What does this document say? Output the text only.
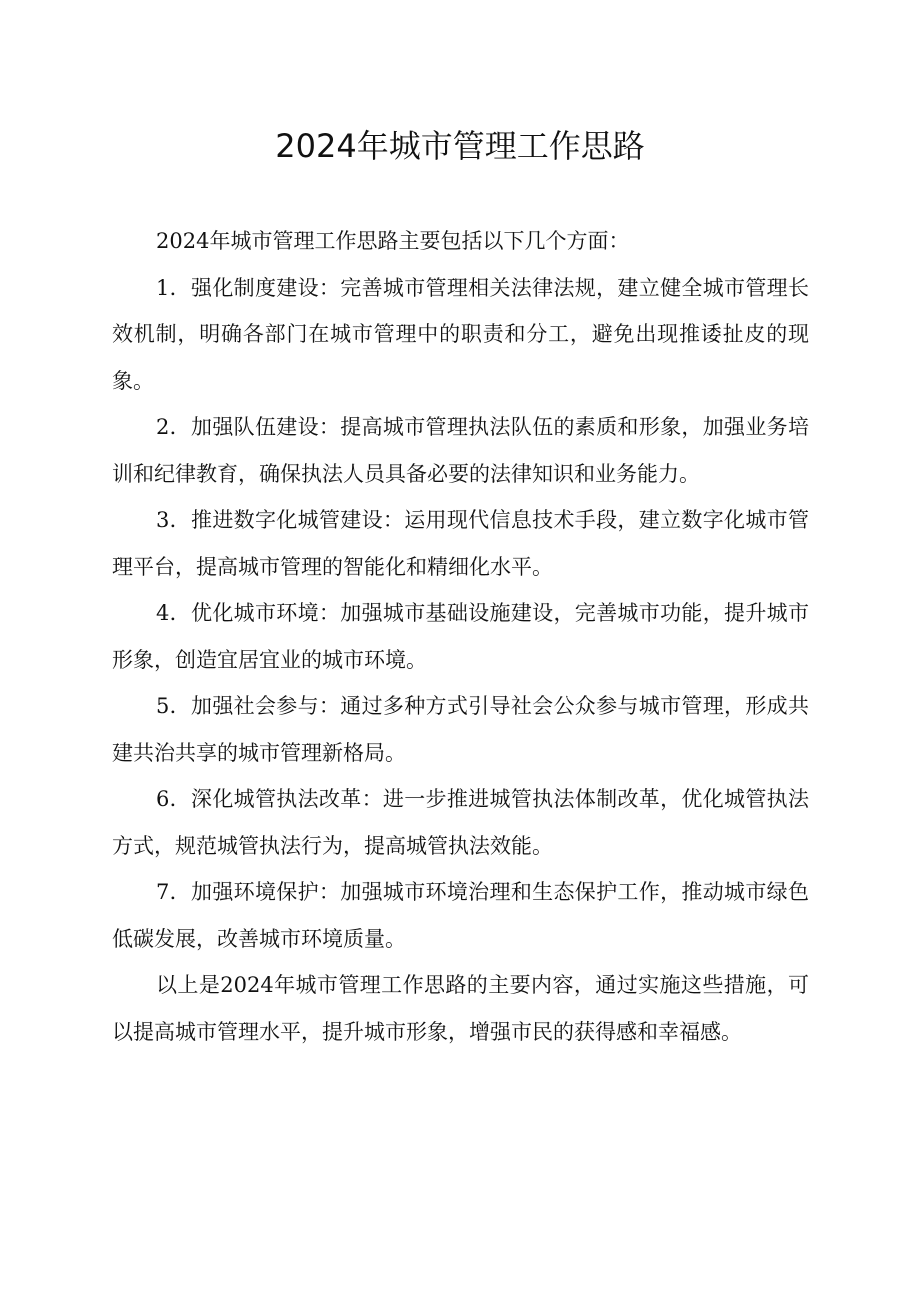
2024年城市管理工作思路

2024年城市管理工作思路主要包括以下几个方面：

1．强化制度建设：完善城市管理相关法律法规，建立健全城市管理长效机制，明确各部门在城市管理中的职责和分工，避免出现推诿扯皮的现象。

2．加强队伍建设：提高城市管理执法队伍的素质和形象，加强业务培训和纪律教育，确保执法人员具备必要的法律知识和业务能力。

3．推进数字化城管建设：运用现代信息技术手段，建立数字化城市管理平台，提高城市管理的智能化和精细化水平。

4．优化城市环境：加强城市基础设施建设，完善城市功能，提升城市形象，创造宜居宜业的城市环境。

5．加强社会参与：通过多种方式引导社会公众参与城市管理，形成共建共治共享的城市管理新格局。

6．深化城管执法改革：进一步推进城管执法体制改革，优化城管执法方式，规范城管执法行为，提高城管执法效能。

7．加强环境保护：加强城市环境治理和生态保护工作，推动城市绿色低碳发展，改善城市环境质量。

以上是2024年城市管理工作思路的主要内容，通过实施这些措施，可以提高城市管理水平，提升城市形象，增强市民的获得感和幸福感。
